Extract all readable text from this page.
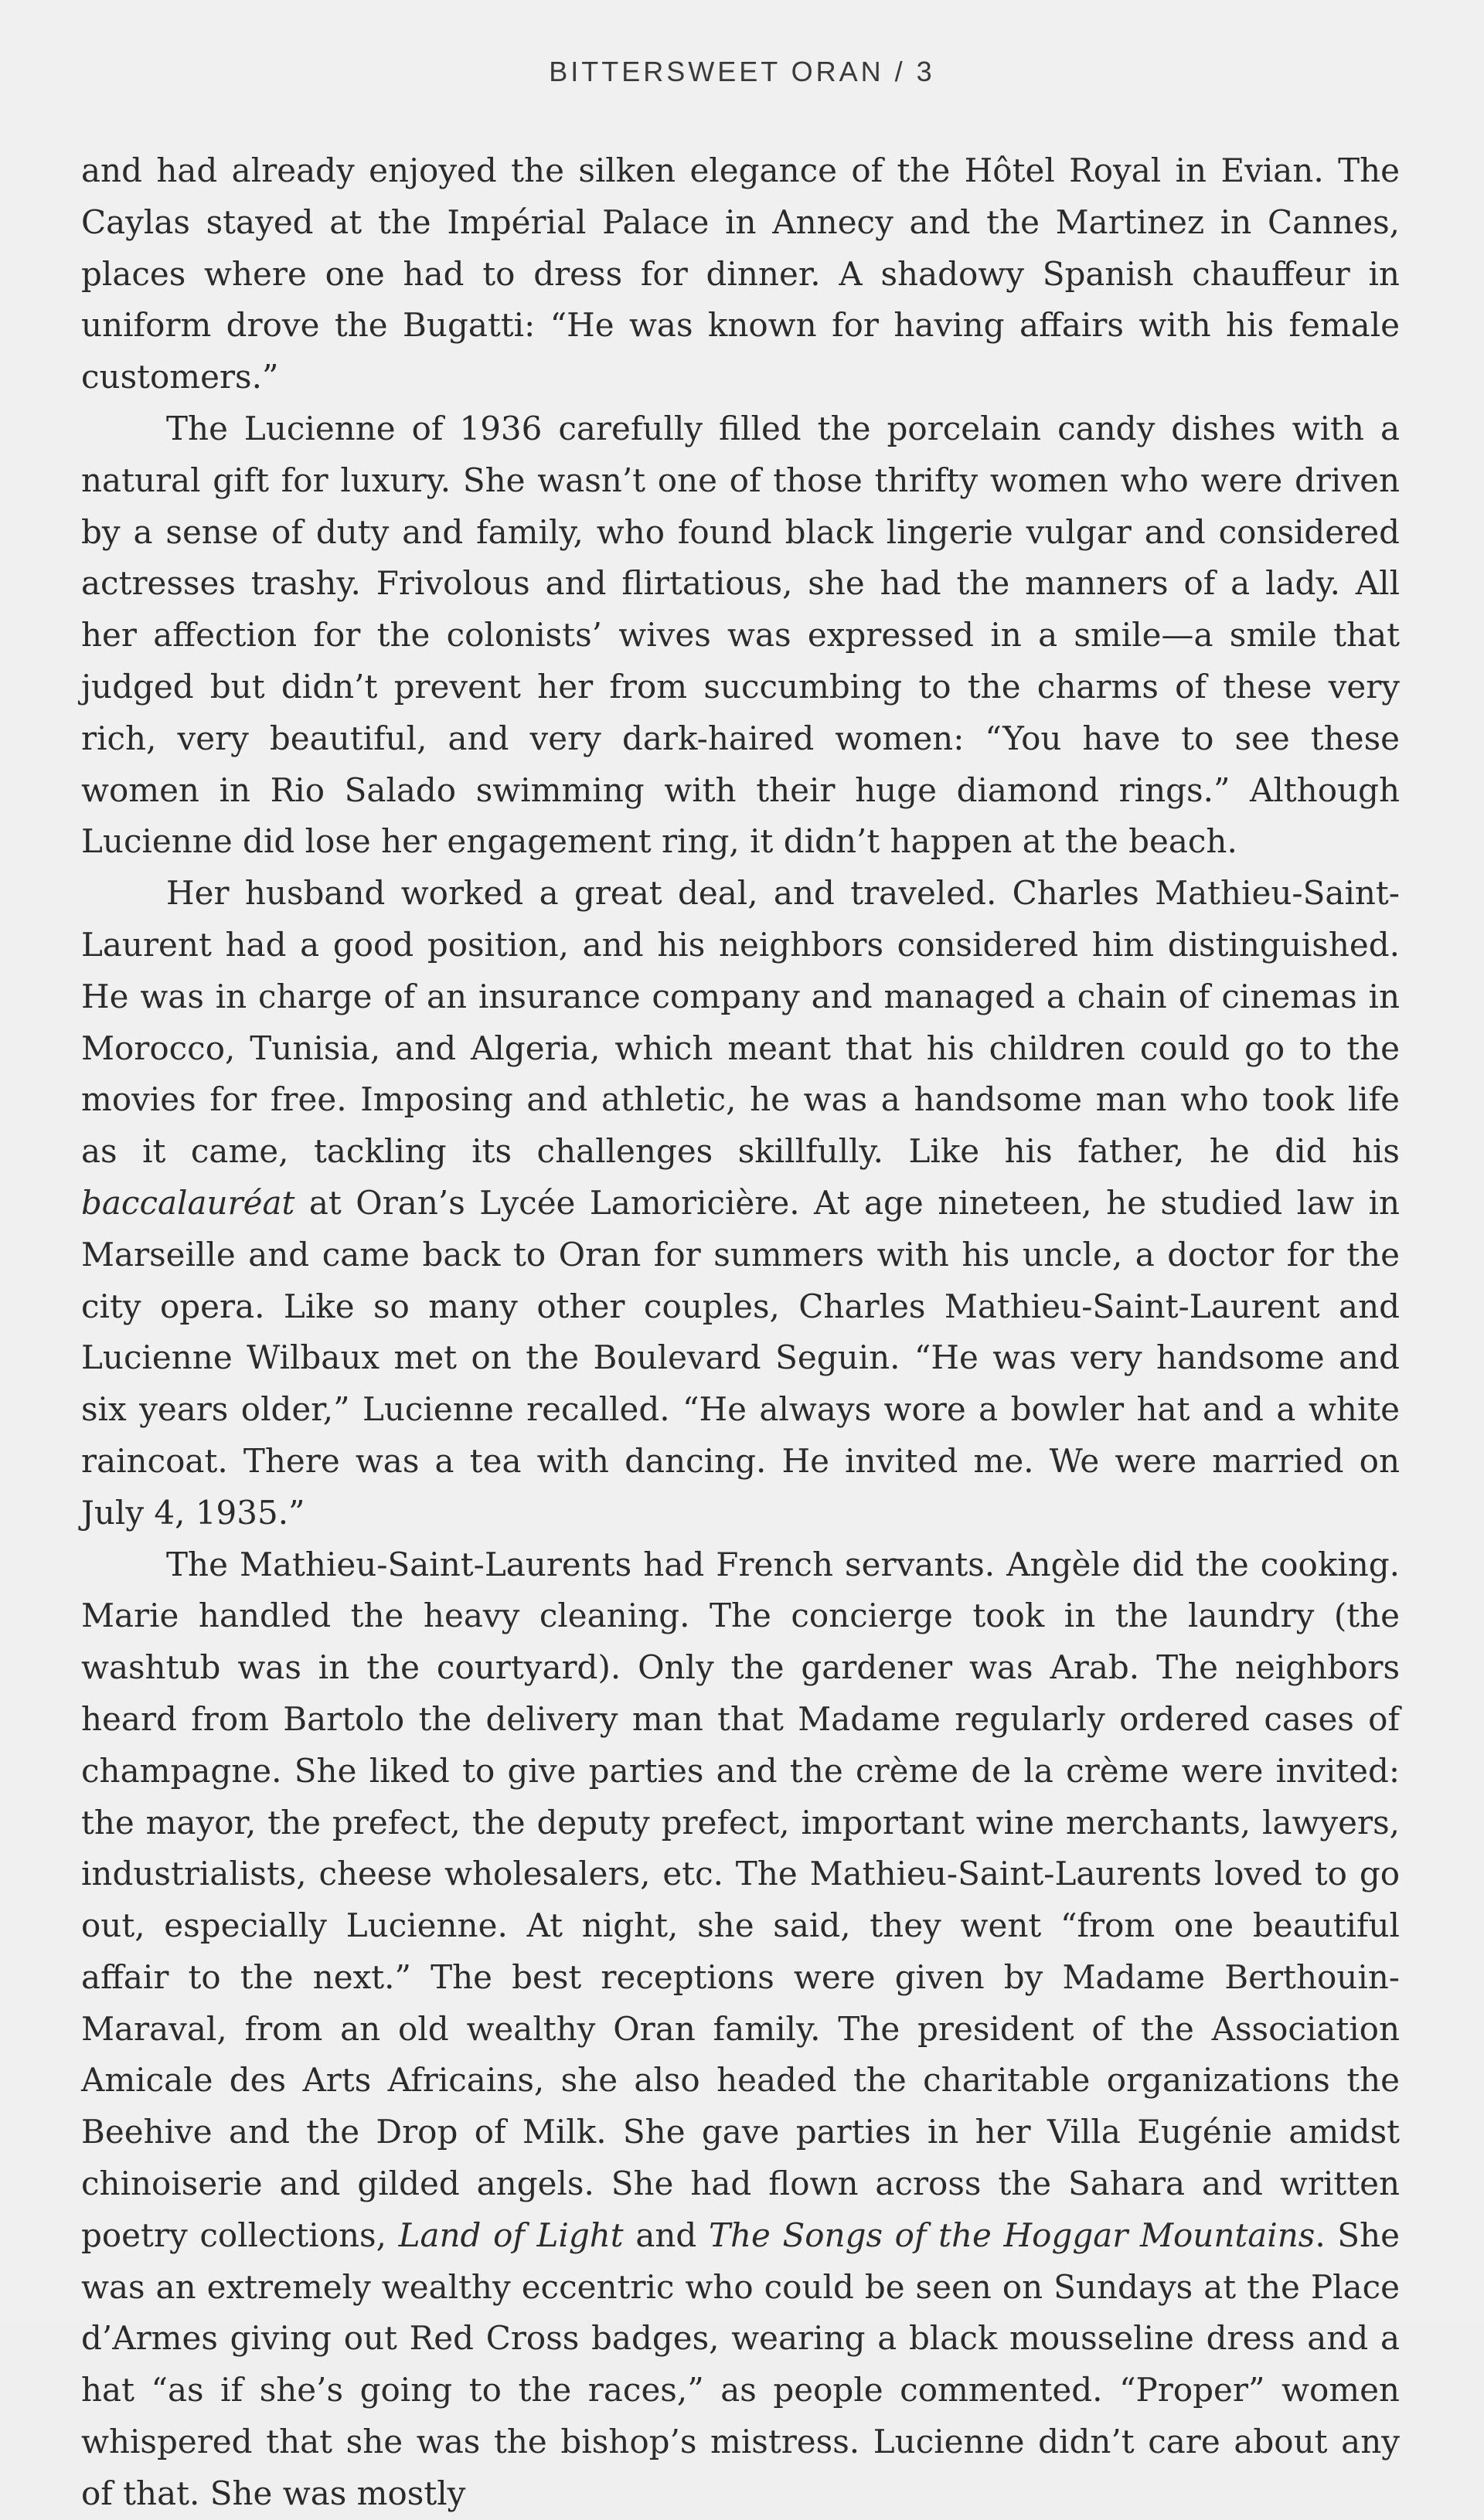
BITTERSWEET ORAN / 3

and had already enjoyed the silken elegance of the Hôtel Royal in Evian. The Caylas stayed at the Impérial Palace in Annecy and the Martinez in Cannes, places where one had to dress for dinner. A shadowy Spanish chauffeur in uniform drove the Bugatti: “He was known for having affairs with his female customers.”

The Lucienne of 1936 carefully filled the porcelain candy dishes with a natural gift for luxury. She wasn’t one of those thrifty women who were driven by a sense of duty and family, who found black lingerie vulgar and considered actresses trashy. Frivolous and flirtatious, she had the manners of a lady. All her affection for the colonists’ wives was expressed in a smile—a smile that judged but didn’t prevent her from succumbing to the charms of these very rich, very beautiful, and very dark-haired women: “You have to see these women in Rio Salado swimming with their huge diamond rings.” Although Lucienne did lose her engagement ring, it didn’t happen at the beach.

Her husband worked a great deal, and traveled. Charles Mathieu-Saint-Laurent had a good position, and his neighbors considered him distinguished. He was in charge of an insurance company and managed a chain of cinemas in Morocco, Tunisia, and Algeria, which meant that his children could go to the movies for free. Imposing and athletic, he was a handsome man who took life as it came, tackling its challenges skillfully. Like his father, he did his baccalauréat at Oran’s Lycée Lamoricière. At age nineteen, he studied law in Marseille and came back to Oran for summers with his uncle, a doctor for the city opera. Like so many other couples, Charles Mathieu-Saint-Laurent and Lucienne Wilbaux met on the Boulevard Seguin. “He was very handsome and six years older,” Lucienne recalled. “He always wore a bowler hat and a white raincoat. There was a tea with dancing. He invited me. We were married on July 4, 1935.”

The Mathieu-Saint-Laurents had French servants. Angèle did the cooking. Marie handled the heavy cleaning. The concierge took in the laundry (the washtub was in the courtyard). Only the gardener was Arab. The neighbors heard from Bartolo the delivery man that Madame regularly ordered cases of champagne. She liked to give parties and the crème de la crème were invited: the mayor, the prefect, the deputy prefect, important wine merchants, lawyers, industrialists, cheese wholesalers, etc. The Mathieu-Saint-Laurents loved to go out, especially Lucienne. At night, she said, they went “from one beautiful affair to the next.” The best receptions were given by Madame Berthouin-Maraval, from an old wealthy Oran family. The president of the Association Amicale des Arts Africains, she also headed the charitable organizations the Beehive and the Drop of Milk. She gave parties in her Villa Eugénie amidst chinoiserie and gilded angels. She had flown across the Sahara and written poetry collections, Land of Light and The Songs of the Hoggar Mountains. She was an extremely wealthy eccentric who could be seen on Sundays at the Place d’Armes giving out Red Cross badges, wearing a black mousseline dress and a hat “as if she’s going to the races,” as people commented. “Proper” women whispered that she was the bishop’s mistress. Lucienne didn’t care about any of that. She was mostly
